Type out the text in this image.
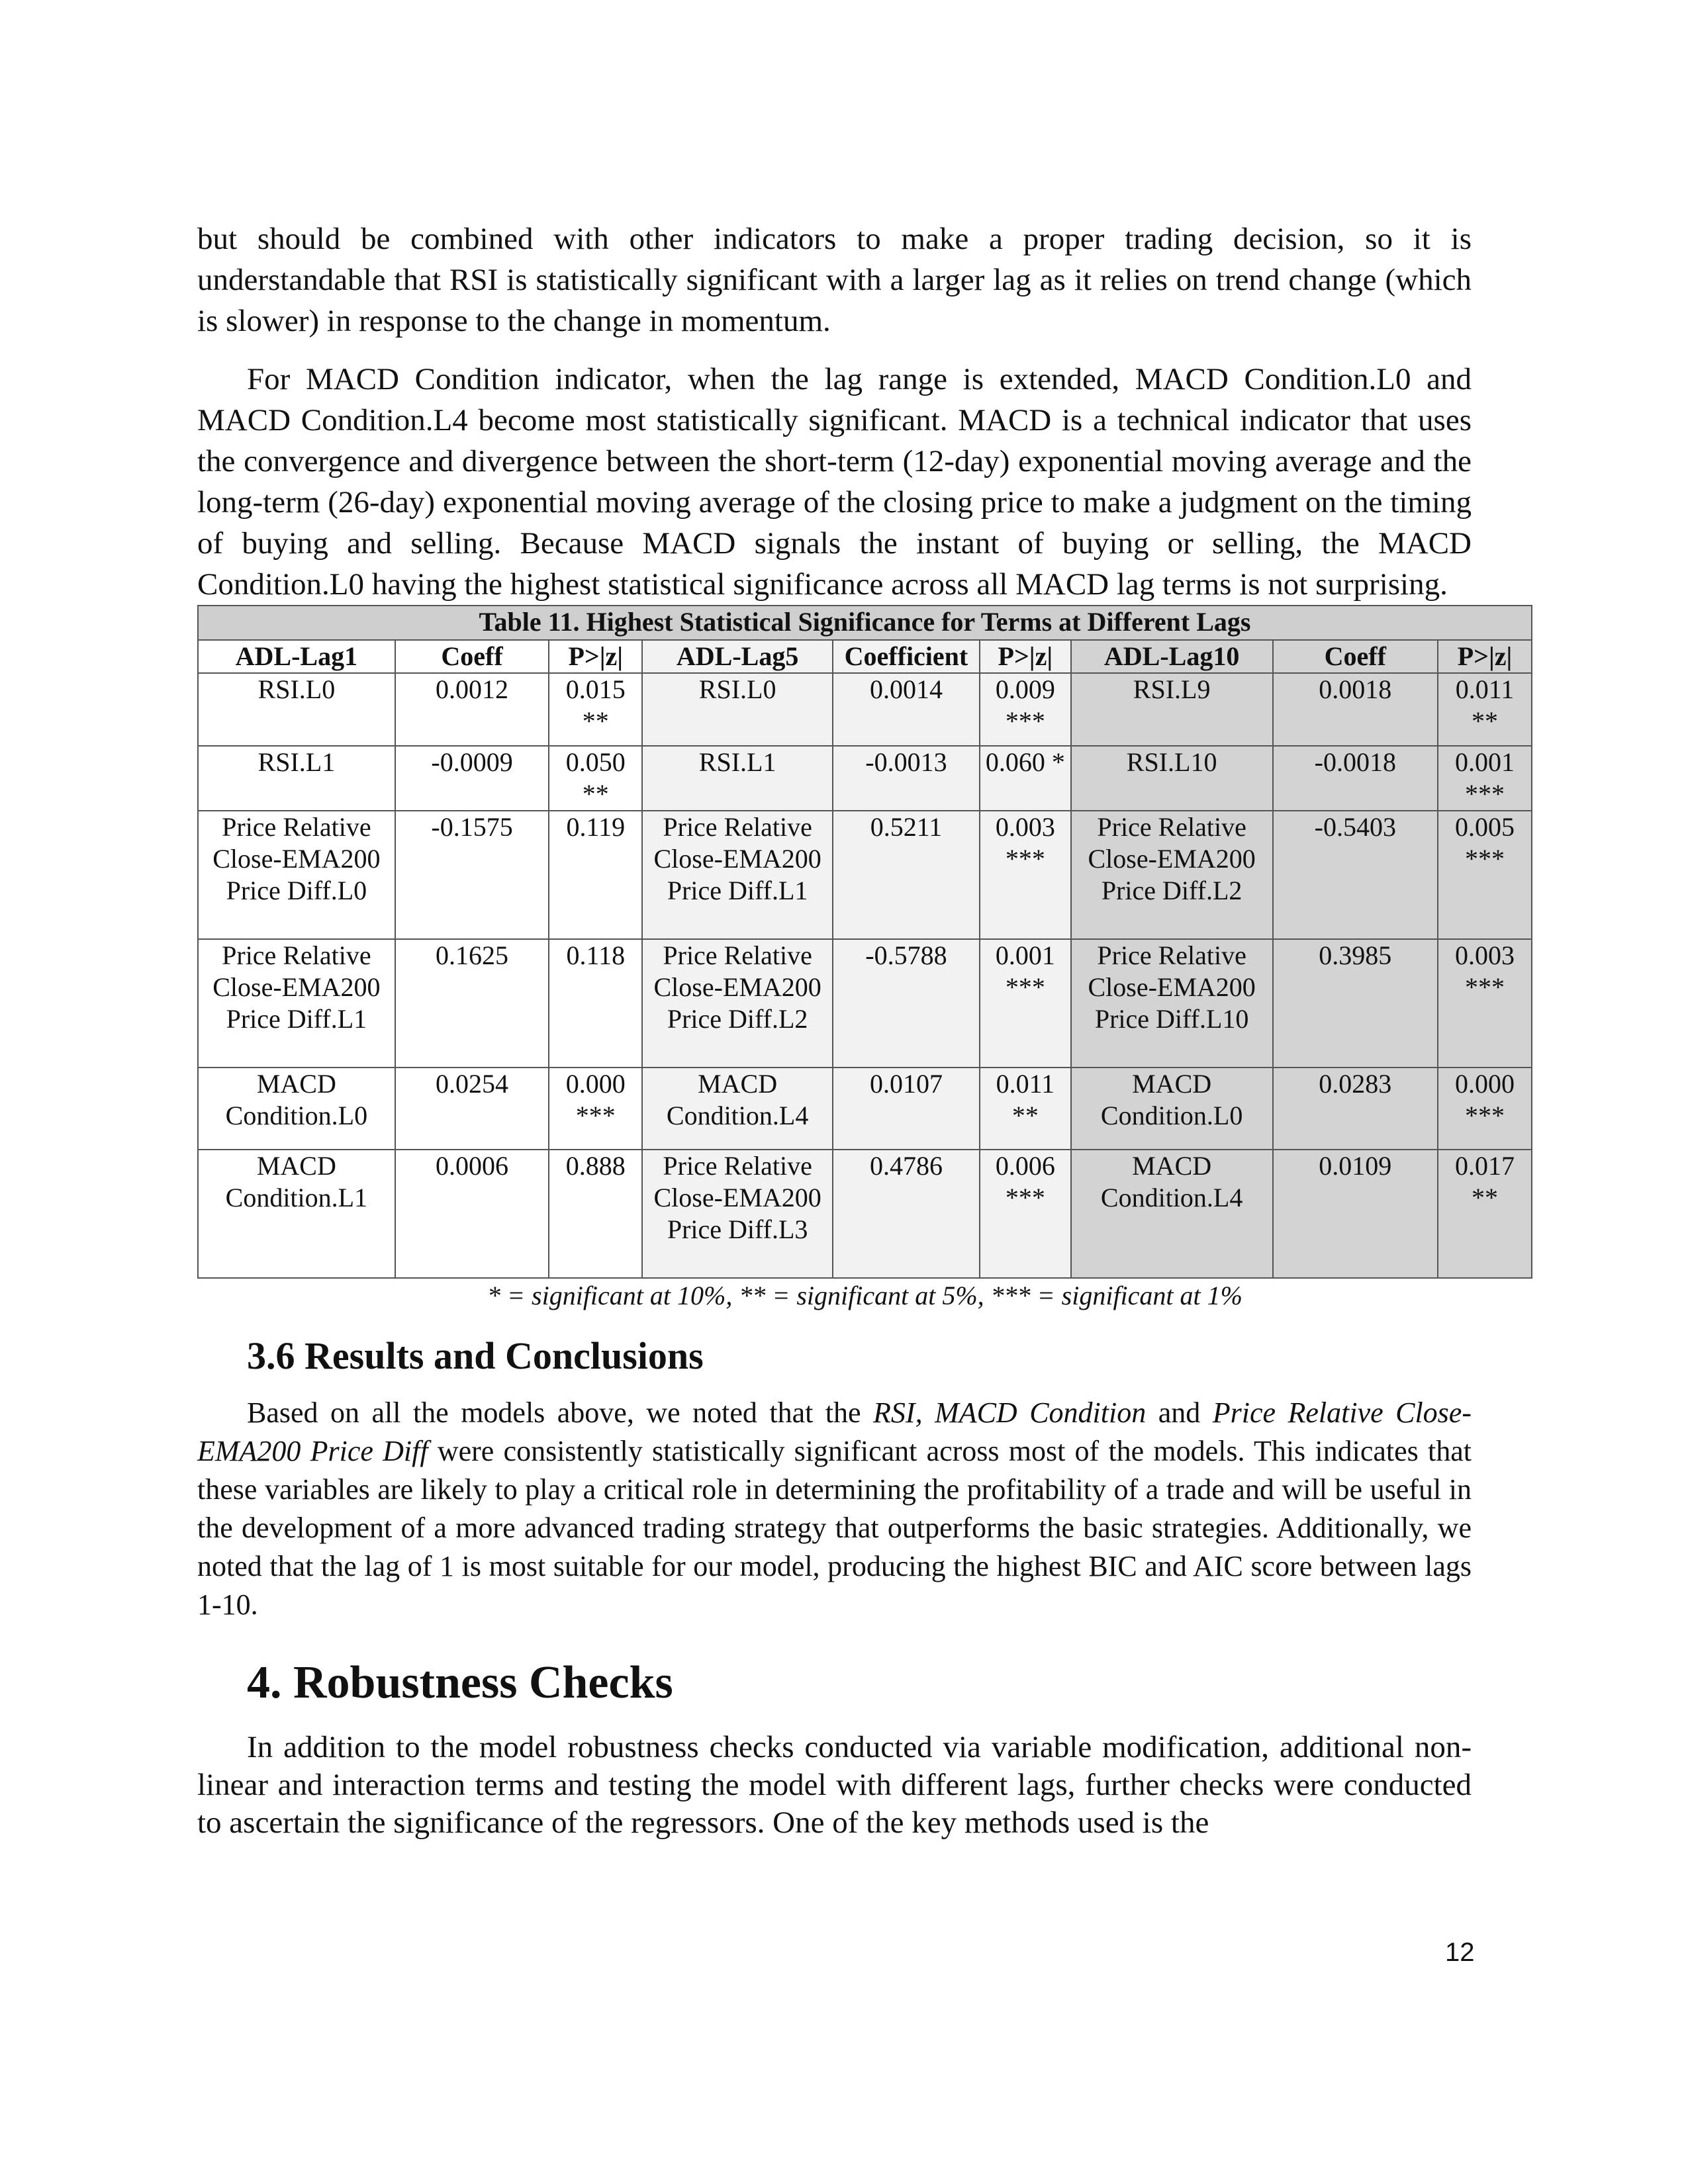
but should be combined with other indicators to make a proper trading decision, so it is understandable that RSI is statistically significant with a larger lag as it relies on trend change (which is slower) in response to the change in momentum.

For MACD Condition indicator, when the lag range is extended, MACD Condition.L0 and MACD Condition.L4 become most statistically significant. MACD is a technical indicator that uses the convergence and divergence between the short-term (12-day) exponential moving average and the long-term (26-day) exponential moving average of the closing price to make a judgment on the timing of buying and selling. Because MACD signals the instant of buying or selling, the MACD Condition.L0 having the highest statistical significance across all MACD lag terms is not surprising.

Table 11. Highest Statistical Significance for Terms at Different Lags								
ADL-Lag1	Coeff	P>|z|	ADL-Lag5	Coefficient	P>|z|	ADL-Lag10	Coeff	P>|z|
RSI.L0	0.0012	0.015 **	RSI.L0	0.0014	0.009 ***	RSI.L9	0.0018	0.011 **
RSI.L1	-0.0009	0.050 **	RSI.L1	-0.0013	0.060 *	RSI.L10	-0.0018	0.001 ***
Price Relative Close-EMA200 Price Diff.L0	-0.1575	0.119	Price Relative Close-EMA200 Price Diff.L1	0.5211	0.003 ***	Price Relative Close-EMA200 Price Diff.L2	-0.5403	0.005 ***
Price Relative Close-EMA200 Price Diff.L1	0.1625	0.118	Price Relative Close-EMA200 Price Diff.L2	-0.5788	0.001 ***	Price Relative Close-EMA200 Price Diff.L10	0.3985	0.003 ***
MACD Condition.L0	0.0254	0.000 ***	MACD Condition.L4	0.0107	0.011 **	MACD Condition.L0	0.0283	0.000 ***
MACD Condition.L1	0.0006	0.888	Price Relative Close-EMA200 Price Diff.L3	0.4786	0.006 ***	MACD Condition.L4	0.0109	0.017 **

* = significant at 10%, ** = significant at 5%, *** = significant at 1%

3.6 Results and Conclusions

Based on all the models above, we noted that the RSI, MACD Condition and Price Relative Close-EMA200 Price Diff were consistently statistically significant across most of the models. This indicates that these variables are likely to play a critical role in determining the profitability of a trade and will be useful in the development of a more advanced trading strategy that outperforms the basic strategies. Additionally, we noted that the lag of 1 is most suitable for our model, producing the highest BIC and AIC score between lags 1-10.

4. Robustness Checks

In addition to the model robustness checks conducted via variable modification, additional non-linear and interaction terms and testing the model with different lags, further checks were conducted to ascertain the significance of the regressors. One of the key methods used is the

12
